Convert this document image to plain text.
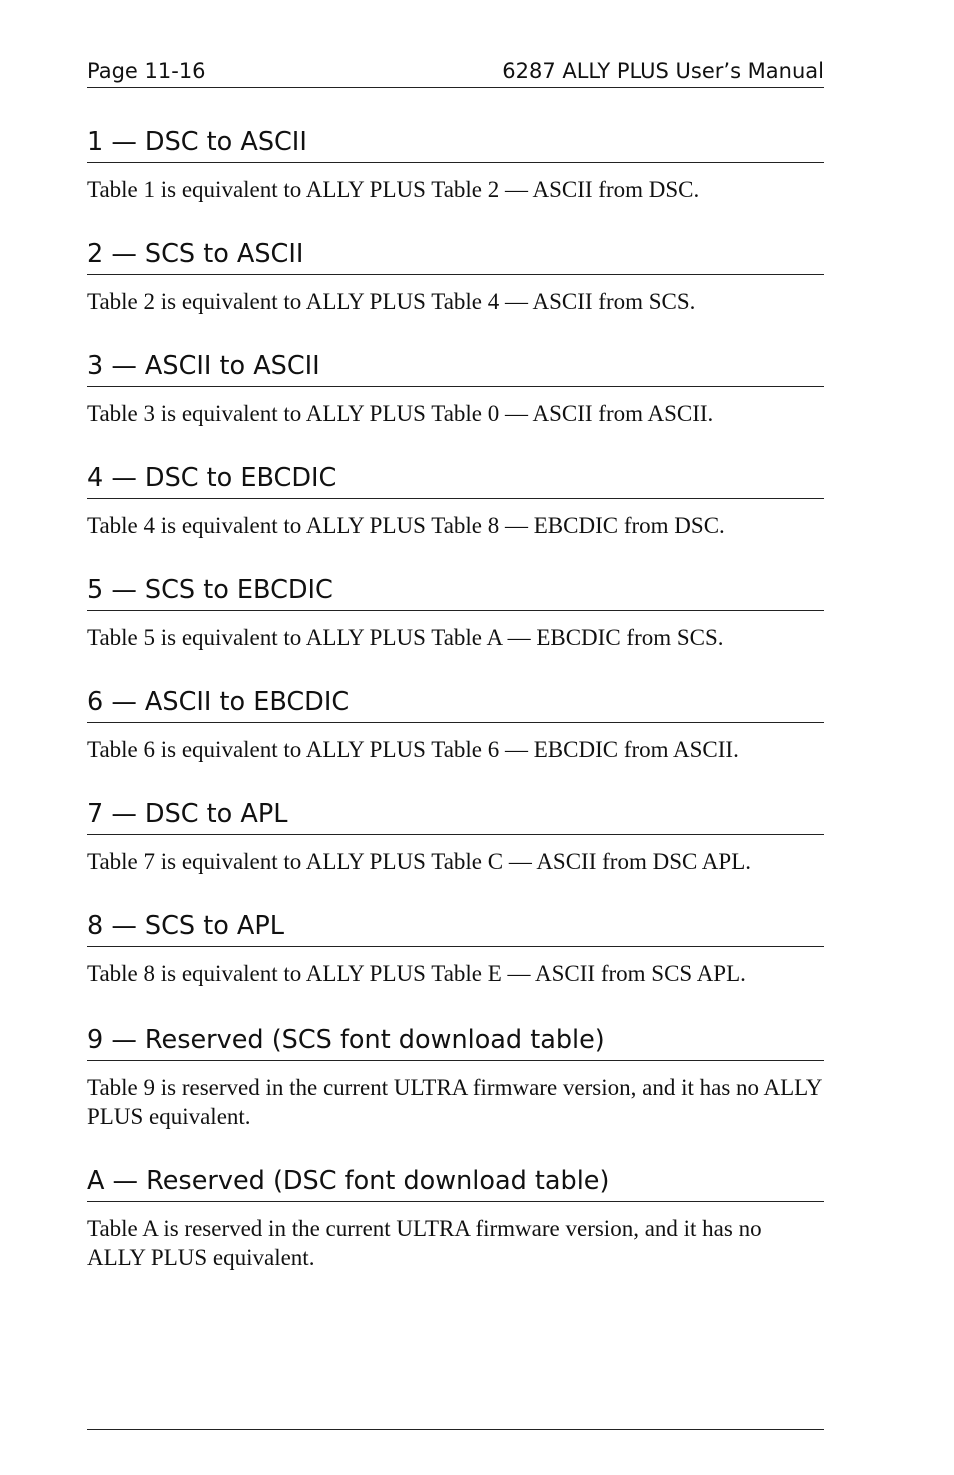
Page 11-16	6287 ALLY PLUS User’s Manual
1 — DSC to ASCII

Table 1 is equivalent to ALLY PLUS Table 2 — ASCII from DSC.

2 — SCS to ASCII

Table 2 is equivalent to ALLY PLUS Table 4 — ASCII from SCS.

3 — ASCII to ASCII

Table 3 is equivalent to ALLY PLUS Table 0 — ASCII from ASCII.

4 — DSC to EBCDIC

Table 4 is equivalent to ALLY PLUS Table 8 — EBCDIC from DSC.

5 — SCS to EBCDIC

Table 5 is equivalent to ALLY PLUS Table A — EBCDIC from SCS.

6 — ASCII to EBCDIC

Table 6 is equivalent to ALLY PLUS Table 6 — EBCDIC from ASCII.

7 — DSC to APL

Table 7 is equivalent to ALLY PLUS Table C — ASCII from DSC APL.

8 — SCS to APL

Table 8 is equivalent to ALLY PLUS Table E — ASCII from SCS APL.

9 — Reserved (SCS font download table)

Table 9 is reserved in the current ULTRA firmware version, and it has no ALLY PLUS equivalent.

A — Reserved (DSC font download table)

Table A is reserved in the current ULTRA firmware version, and it has no ALLY PLUS equivalent.
